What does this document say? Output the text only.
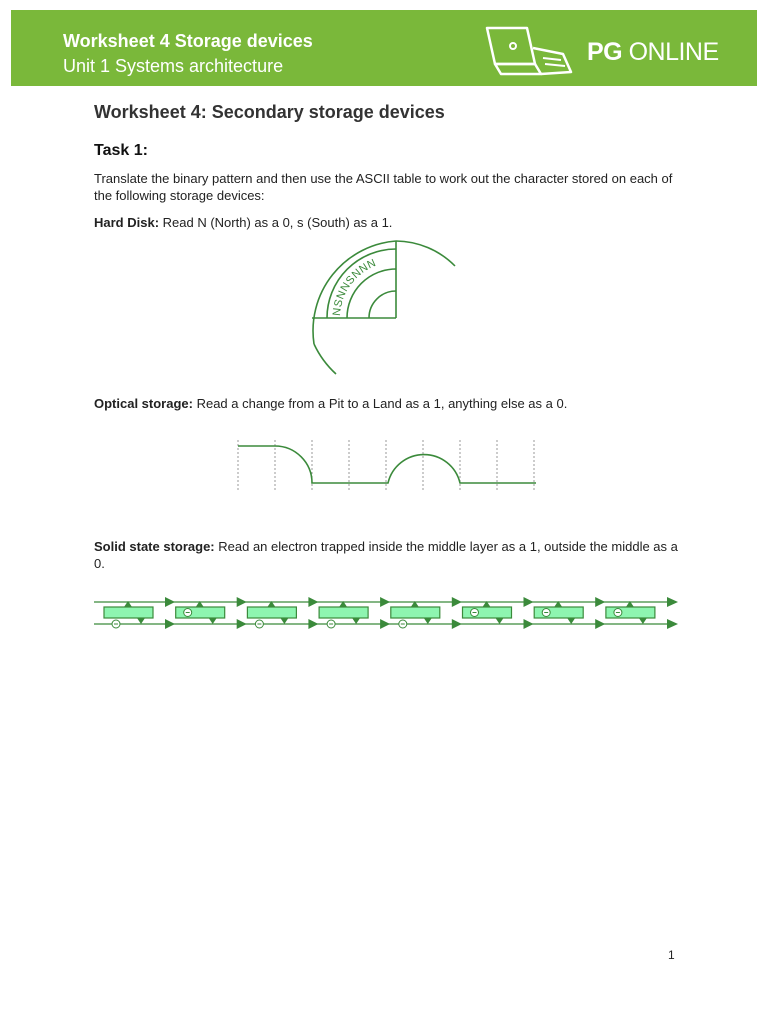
Worksheet 4 Storage devices
Unit 1 Systems architecture	PG ONLINE
Worksheet 4: Secondary storage devices
Task 1:
Translate the binary pattern and then use the ASCII table to work out the character stored on each of the following storage devices:
Hard Disk: Read N (North) as a 0, s (South) as a 1.
NSNNSNNN
Optical storage: Read a change from a Pit to a Land as a 1, anything else as a 0.
Solid state storage: Read an electron trapped inside the middle layer as a 1, outside the middle as a 0.
1
